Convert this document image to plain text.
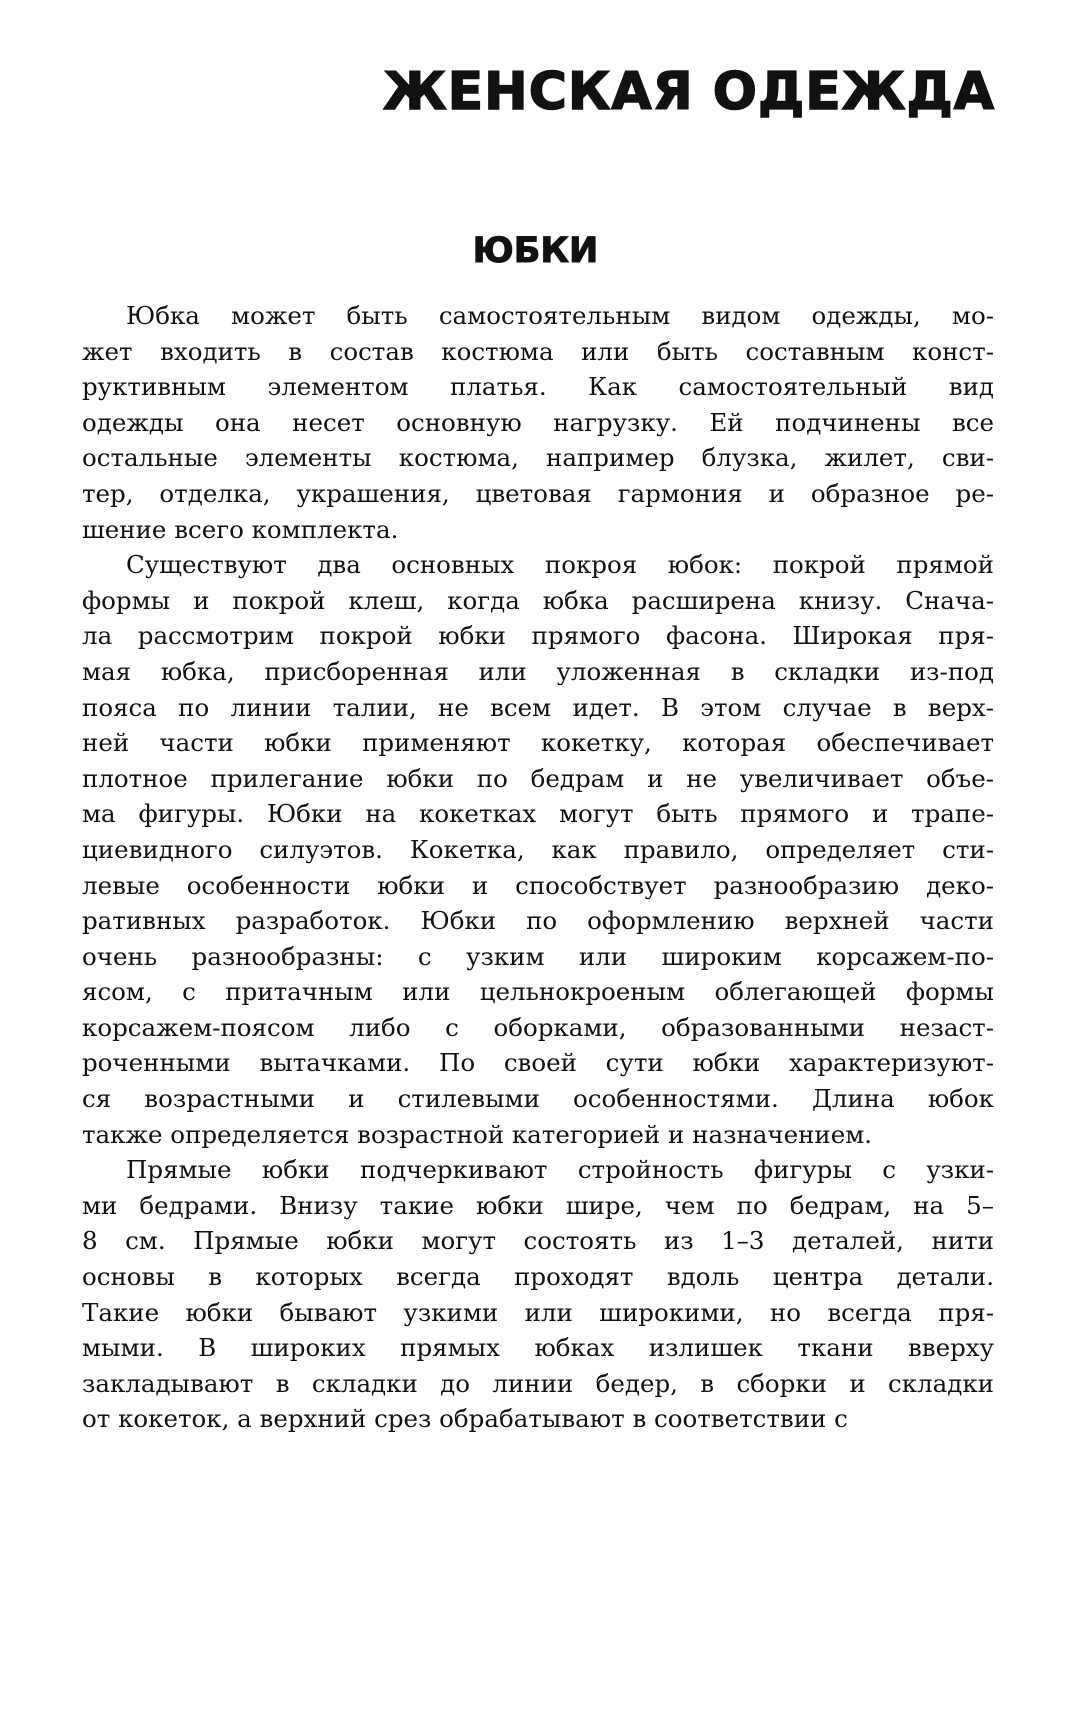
ЖЕНСКАЯ ОДЕЖДА
ЮБКИ

Юбка может быть самостоятельным видом одежды, мо-
жет входить в состав костюма или быть составным конст-
руктивным элементом платья. Как самостоятельный вид
одежды она несет основную нагрузку. Ей подчинены все
остальные элементы костюма, например блузка, жилет, сви-
тер, отделка, украшения, цветовая гармония и образное ре-
шение всего комплекта.

Существуют два основных покроя юбок: покрой прямой
формы и покрой клеш, когда юбка расширена книзу. Снача-
ла рассмотрим покрой юбки прямого фасона. Широкая пря-
мая юбка, присборенная или уложенная в складки из-под
пояса по линии талии, не всем идет. В этом случае в верх-
ней части юбки применяют кокетку, которая обеспечивает
плотное прилегание юбки по бедрам и не увеличивает объе-
ма фигуры. Юбки на кокетках могут быть прямого и трапе-
циевидного силуэтов. Кокетка, как правило, определяет сти-
левые особенности юбки и способствует разнообразию деко-
ративных разработок. Юбки по оформлению верхней части
очень разнообразны: с узким или широким корсажем-по-
ясом, с притачным или цельнокроеным облегающей формы
корсажем-поясом либо с оборками, образованными незаст-
роченными вытачками. По своей сути юбки характеризуют-
ся возрастными и стилевыми особенностями. Длина юбок
также определяется возрастной категорией и назначением.

Прямые юбки подчеркивают стройность фигуры с узки-
ми бедрами. Внизу такие юбки шире, чем по бедрам, на 5–
8 см. Прямые юбки могут состоять из 1–3 деталей, нити
основы в которых всегда проходят вдоль центра детали.
Такие юбки бывают узкими или широкими, но всегда пря-
мыми. В широких прямых юбках излишек ткани вверху
закладывают в складки до линии бедер, в сборки и складки
от кокеток, а верхний срез обрабатывают в соответствии с
